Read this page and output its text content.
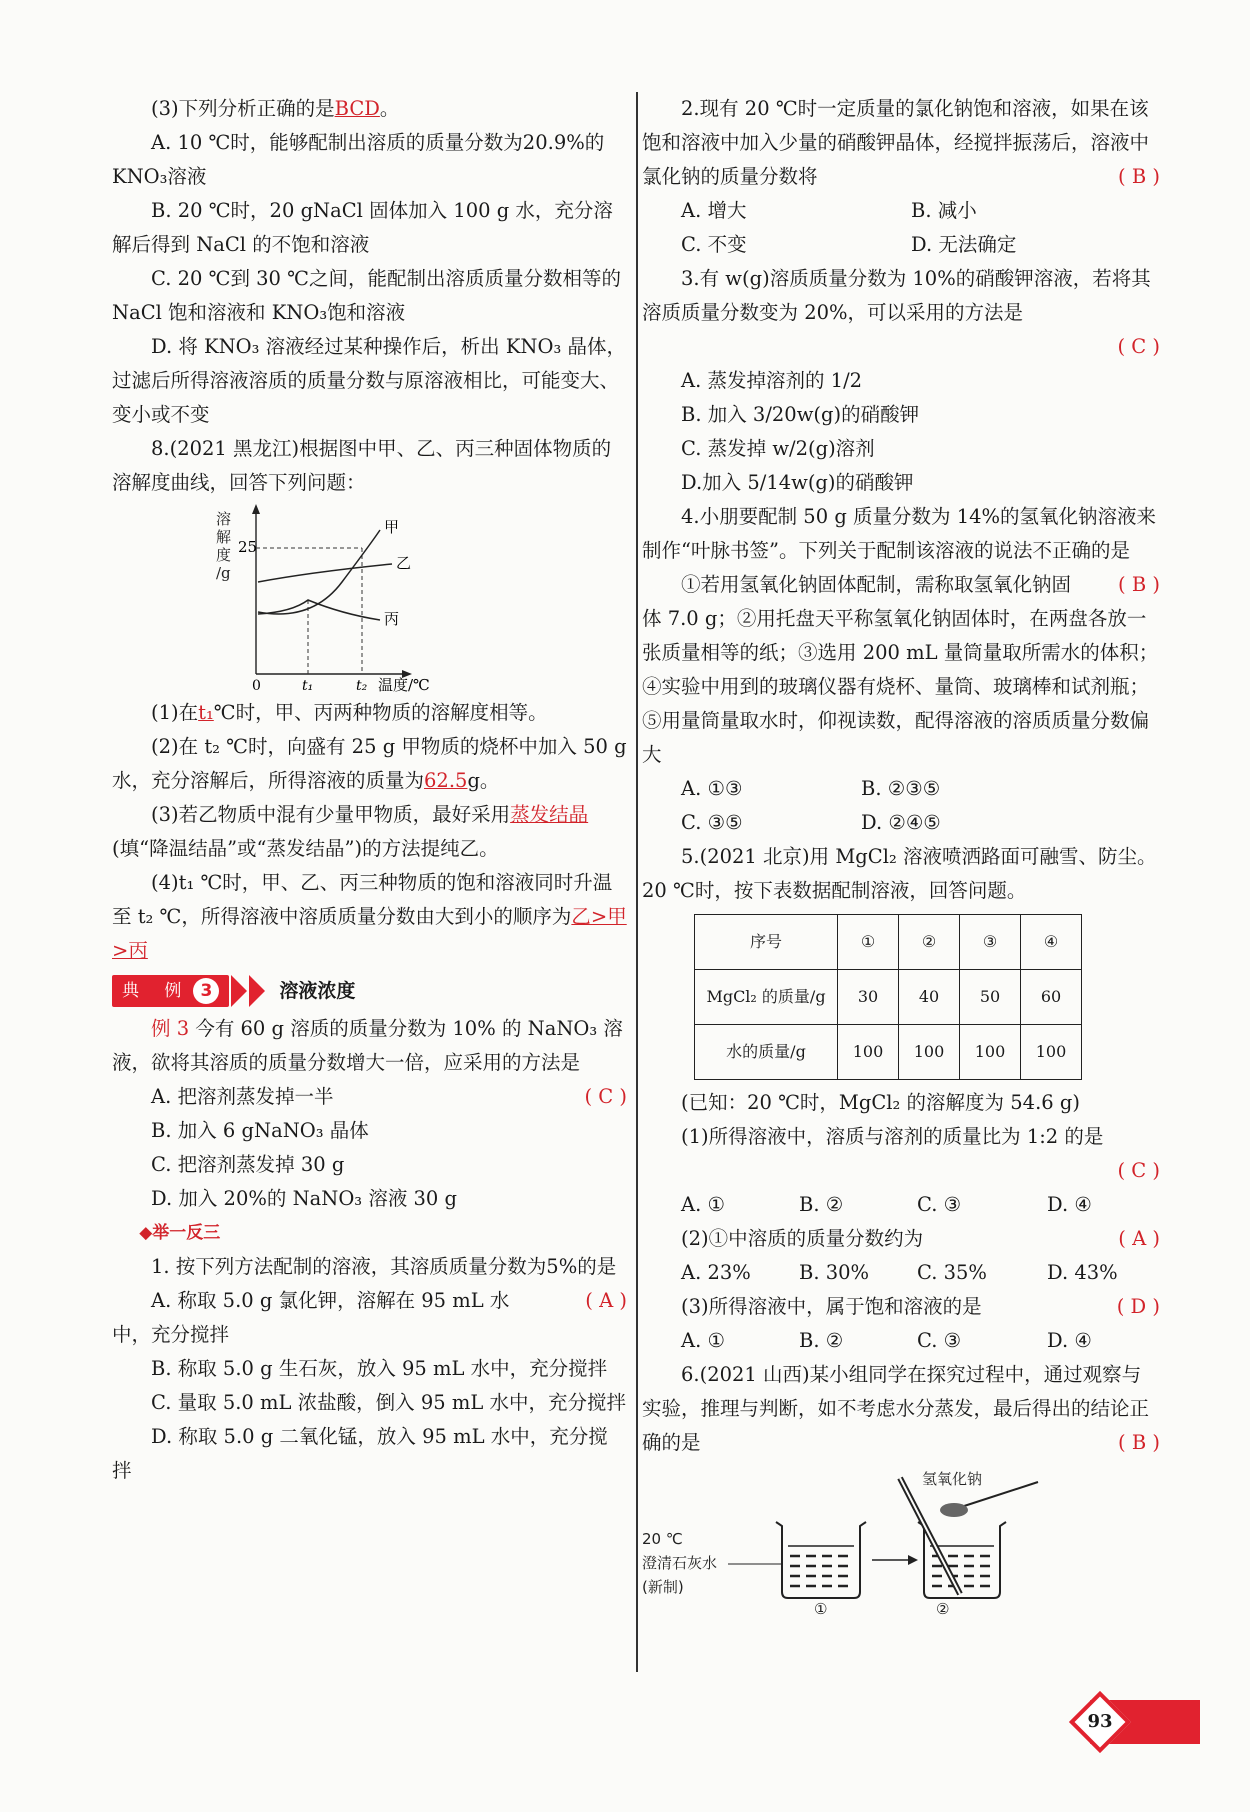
(3)下列分析正确的是BCD。

A. 10 ℃时，能够配制出溶质的质量分数为20.9%的 KNO₃溶液

B. 20 ℃时，20 gNaCl 固体加入 100 g 水，充分溶解后得到 NaCl 的不饱和溶液

C. 20 ℃到 30 ℃之间，能配制出溶质质量分数相等的 NaCl 饱和溶液和 KNO₃饱和溶液

D. 将 KNO₃ 溶液经过某种操作后，析出 KNO₃ 晶体，过滤后所得溶液溶质的质量分数与原溶液相比，可能变大、变小或不变

8.(2021 黑龙江)根据图中甲、乙、丙三种固体物质的溶解度曲线，回答下列问题：

溶
解
度
/g
25
甲
乙
丙
0	t₁	t₂ 温度/℃

(1)在t₁℃时，甲、丙两种物质的溶解度相等。

(2)在 t₂ ℃时，向盛有 25 g 甲物质的烧杯中加入 50 g 水，充分溶解后，所得溶液的质量为62.5g。

(3)若乙物质中混有少量甲物质，最好采用蒸发结晶(填“降温结晶”或“蒸发结晶”)的方法提纯乙。

(4)t₁ ℃时，甲、乙、丙三种物质的饱和溶液同时升温至 t₂ ℃，所得溶液中溶质质量分数由大到小的顺序为乙>甲>丙

典 例 3	溶液浓度

例 3 今有 60 g 溶质的质量分数为 10% 的 NaNO₃ 溶液，欲将其溶质的质量分数增大一倍，应采用的方法是
( C )

A. 把溶剂蒸发掉一半

B. 加入 6 gNaNO₃ 晶体

C. 把溶剂蒸发掉 30 g

D. 加入 20%的 NaNO₃ 溶液 30 g

◆举一反三

1. 按下列方法配制的溶液，其溶质质量分数为5%的是
( A )

A. 称取 5.0 g 氯化钾，溶解在 95 mL 水中，充分搅拌

B. 称取 5.0 g 生石灰，放入 95 mL 水中，充分搅拌

C. 量取 5.0 mL 浓盐酸，倒入 95 mL 水中，充分搅拌

D. 称取 5.0 g 二氧化锰，放入 95 mL 水中，充分搅拌

2.现有 20 ℃时一定质量的氯化钠饱和溶液，如果在该饱和溶液中加入少量的硝酸钾晶体，经搅拌振荡后，溶液中氯化钠的质量分数将	( B )

A. 增大	B. 减小
C. 不变	D. 无法确定

3.有 w(g)溶质质量分数为 10%的硝酸钾溶液，若将其溶质质量分数变为 20%，可以采用的方法是

( C )

A. 蒸发掉溶剂的 1/2

B. 加入 3/20w(g)的硝酸钾

C. 蒸发掉 w/2(g)溶剂

D.加入 5/14w(g)的硝酸钾

4.小朋要配制 50 g 质量分数为 14%的氢氧化钠溶液来制作“叶脉书签”。下列关于配制该溶液的说法不正确的是
( B )

①若用氢氧化钠固体配制，需称取氢氧化钠固体 7.0 g；②用托盘天平称氢氧化钠固体时，在两盘各放一张质量相等的纸；③选用 200 mL 量筒量取所需水的体积；④实验中用到的玻璃仪器有烧杯、量筒、玻璃棒和试剂瓶；⑤用量筒量取水时，仰视读数，配得溶液的溶质质量分数偏大

A. ①③	B. ②③⑤
C. ③⑤	D. ②④⑤

5.(2021 北京)用 MgCl₂ 溶液喷洒路面可融雪、防尘。20 ℃时，按下表数据配制溶液，回答问题。

序号	①	②	③	④
MgCl₂ 的质量/g	30	40	50	60
水的质量/g	100	100	100	100

(已知：20 ℃时，MgCl₂ 的溶解度为 54.6 g)

(1)所得溶液中，溶质与溶剂的质量比为 1:2 的是

( C )

A. ①	B. ②	C. ③	D. ④

(2)①中溶质的质量分数约为	( A )

A. 23%	B. 30%	C. 35%	D. 43%

(3)所得溶液中，属于饱和溶液的是	( D )

A. ①	B. ②	C. ③	D. ④

6.(2021 山西)某小组同学在探究过程中，通过观察与实验，推理与判断，如不考虑水分蒸发，最后得出的结论正确的是	( B )

氢氧化钠
20 ℃
澄清石灰水
(新制)
①	②
93
